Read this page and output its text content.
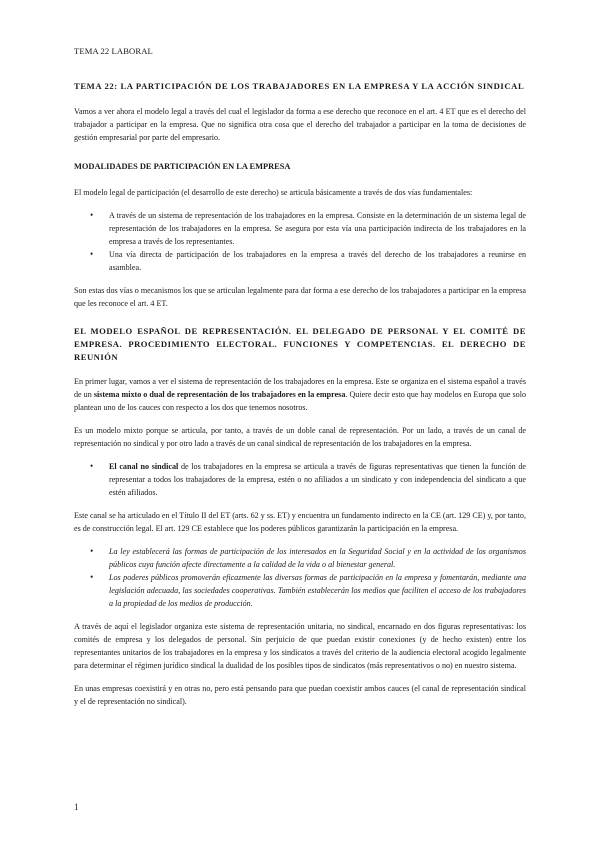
TEMA 22 LABORAL
TEMA 22: LA PARTICIPACIÓN DE LOS TRABAJADORES EN LA EMPRESA Y LA ACCIÓN SINDICAL

Vamos a ver ahora el modelo legal a través del cual el legislador da forma a ese derecho que reconoce en el art. 4 ET que es el derecho del trabajador a participar en la empresa. Que no significa otra cosa que el derecho del trabajador a participar en la toma de decisiones de gestión empresarial por parte del empresario.

MODALIDADES DE PARTICIPACIÓN EN LA EMPRESA

El modelo legal de participación (el desarrollo de este derecho) se articula básicamente a través de dos vías fundamentales:

• A través de un sistema de representación de los trabajadores en la empresa. Consiste en la determinación de un sistema legal de representación de los trabajadores en la empresa. Se asegura por esta vía una participación indirecta de los trabajadores en la empresa a través de los representantes.
• Una vía directa de participación de los trabajadores en la empresa a través del derecho de los trabajadores a reunirse en asamblea.

Son estas dos vías o mecanismos los que se articulan legalmente para dar forma a ese derecho de los trabajadores a participar en la empresa que les reconoce el art. 4 ET.

EL MODELO ESPAÑOL DE REPRESENTACIÓN. EL DELEGADO DE PERSONAL Y EL COMITÉ DE EMPRESA. PROCEDIMIENTO ELECTORAL. FUNCIONES Y COMPETENCIAS. EL DERECHO DE REUNIÓN

En primer lugar, vamos a ver el sistema de representación de los trabajadores en la empresa. Este se organiza en el sistema español a través de un sistema mixto o dual de representación de los trabajadores en la empresa. Quiere decir esto que hay modelos en Europa que solo plantean uno de los cauces con respecto a los dos que tenemos nosotros.

Es un modelo mixto porque se articula, por tanto, a través de un doble canal de representación. Por un lado, a través de un canal de representación no sindical y por otro lado a través de un canal sindical de representación de los trabajadores en la empresa.

• El canal no sindical de los trabajadores en la empresa se articula a través de figuras representativas que tienen la función de representar a todos los trabajadores de la empresa, estén o no afiliados a un sindicato y con independencia del sindicato a que estén afiliados.

Este canal se ha articulado en el Título II del ET (arts. 62 y ss. ET) y encuentra un fundamento indirecto en la CE (art. 129 CE) y, por tanto, es de construcción legal. El art. 129 CE establece que los poderes públicos garantizarán la participación en la empresa.

• La ley establecerá las formas de participación de los interesados en la Seguridad Social y en la actividad de los organismos públicos cuya función afecte directamente a la calidad de la vida o al bienestar general.
• Los poderes públicos promoverán eficazmente las diversas formas de participación en la empresa y fomentarán, mediante una legislación adecuada, las sociedades cooperativas. También establecerán los medios que faciliten el acceso de los trabajadores a la propiedad de los medios de producción.

A través de aquí el legislador organiza este sistema de representación unitaria, no sindical, encarnado en dos figuras representativas: los comités de empresa y los delegados de personal. Sin perjuicio de que puedan existir conexiones (y de hecho existen) entre los representantes unitarios de los trabajadores en la empresa y los sindicatos a través del criterio de la audiencia electoral acogido legalmente para determinar el régimen jurídico sindical la dualidad de los posibles tipos de sindicatos (más representativos o no) en nuestro sistema.

En unas empresas coexistirá y en otras no, pero está pensando para que puedan coexistir ambos cauces (el canal de representación sindical y el de representación no sindical).

1
